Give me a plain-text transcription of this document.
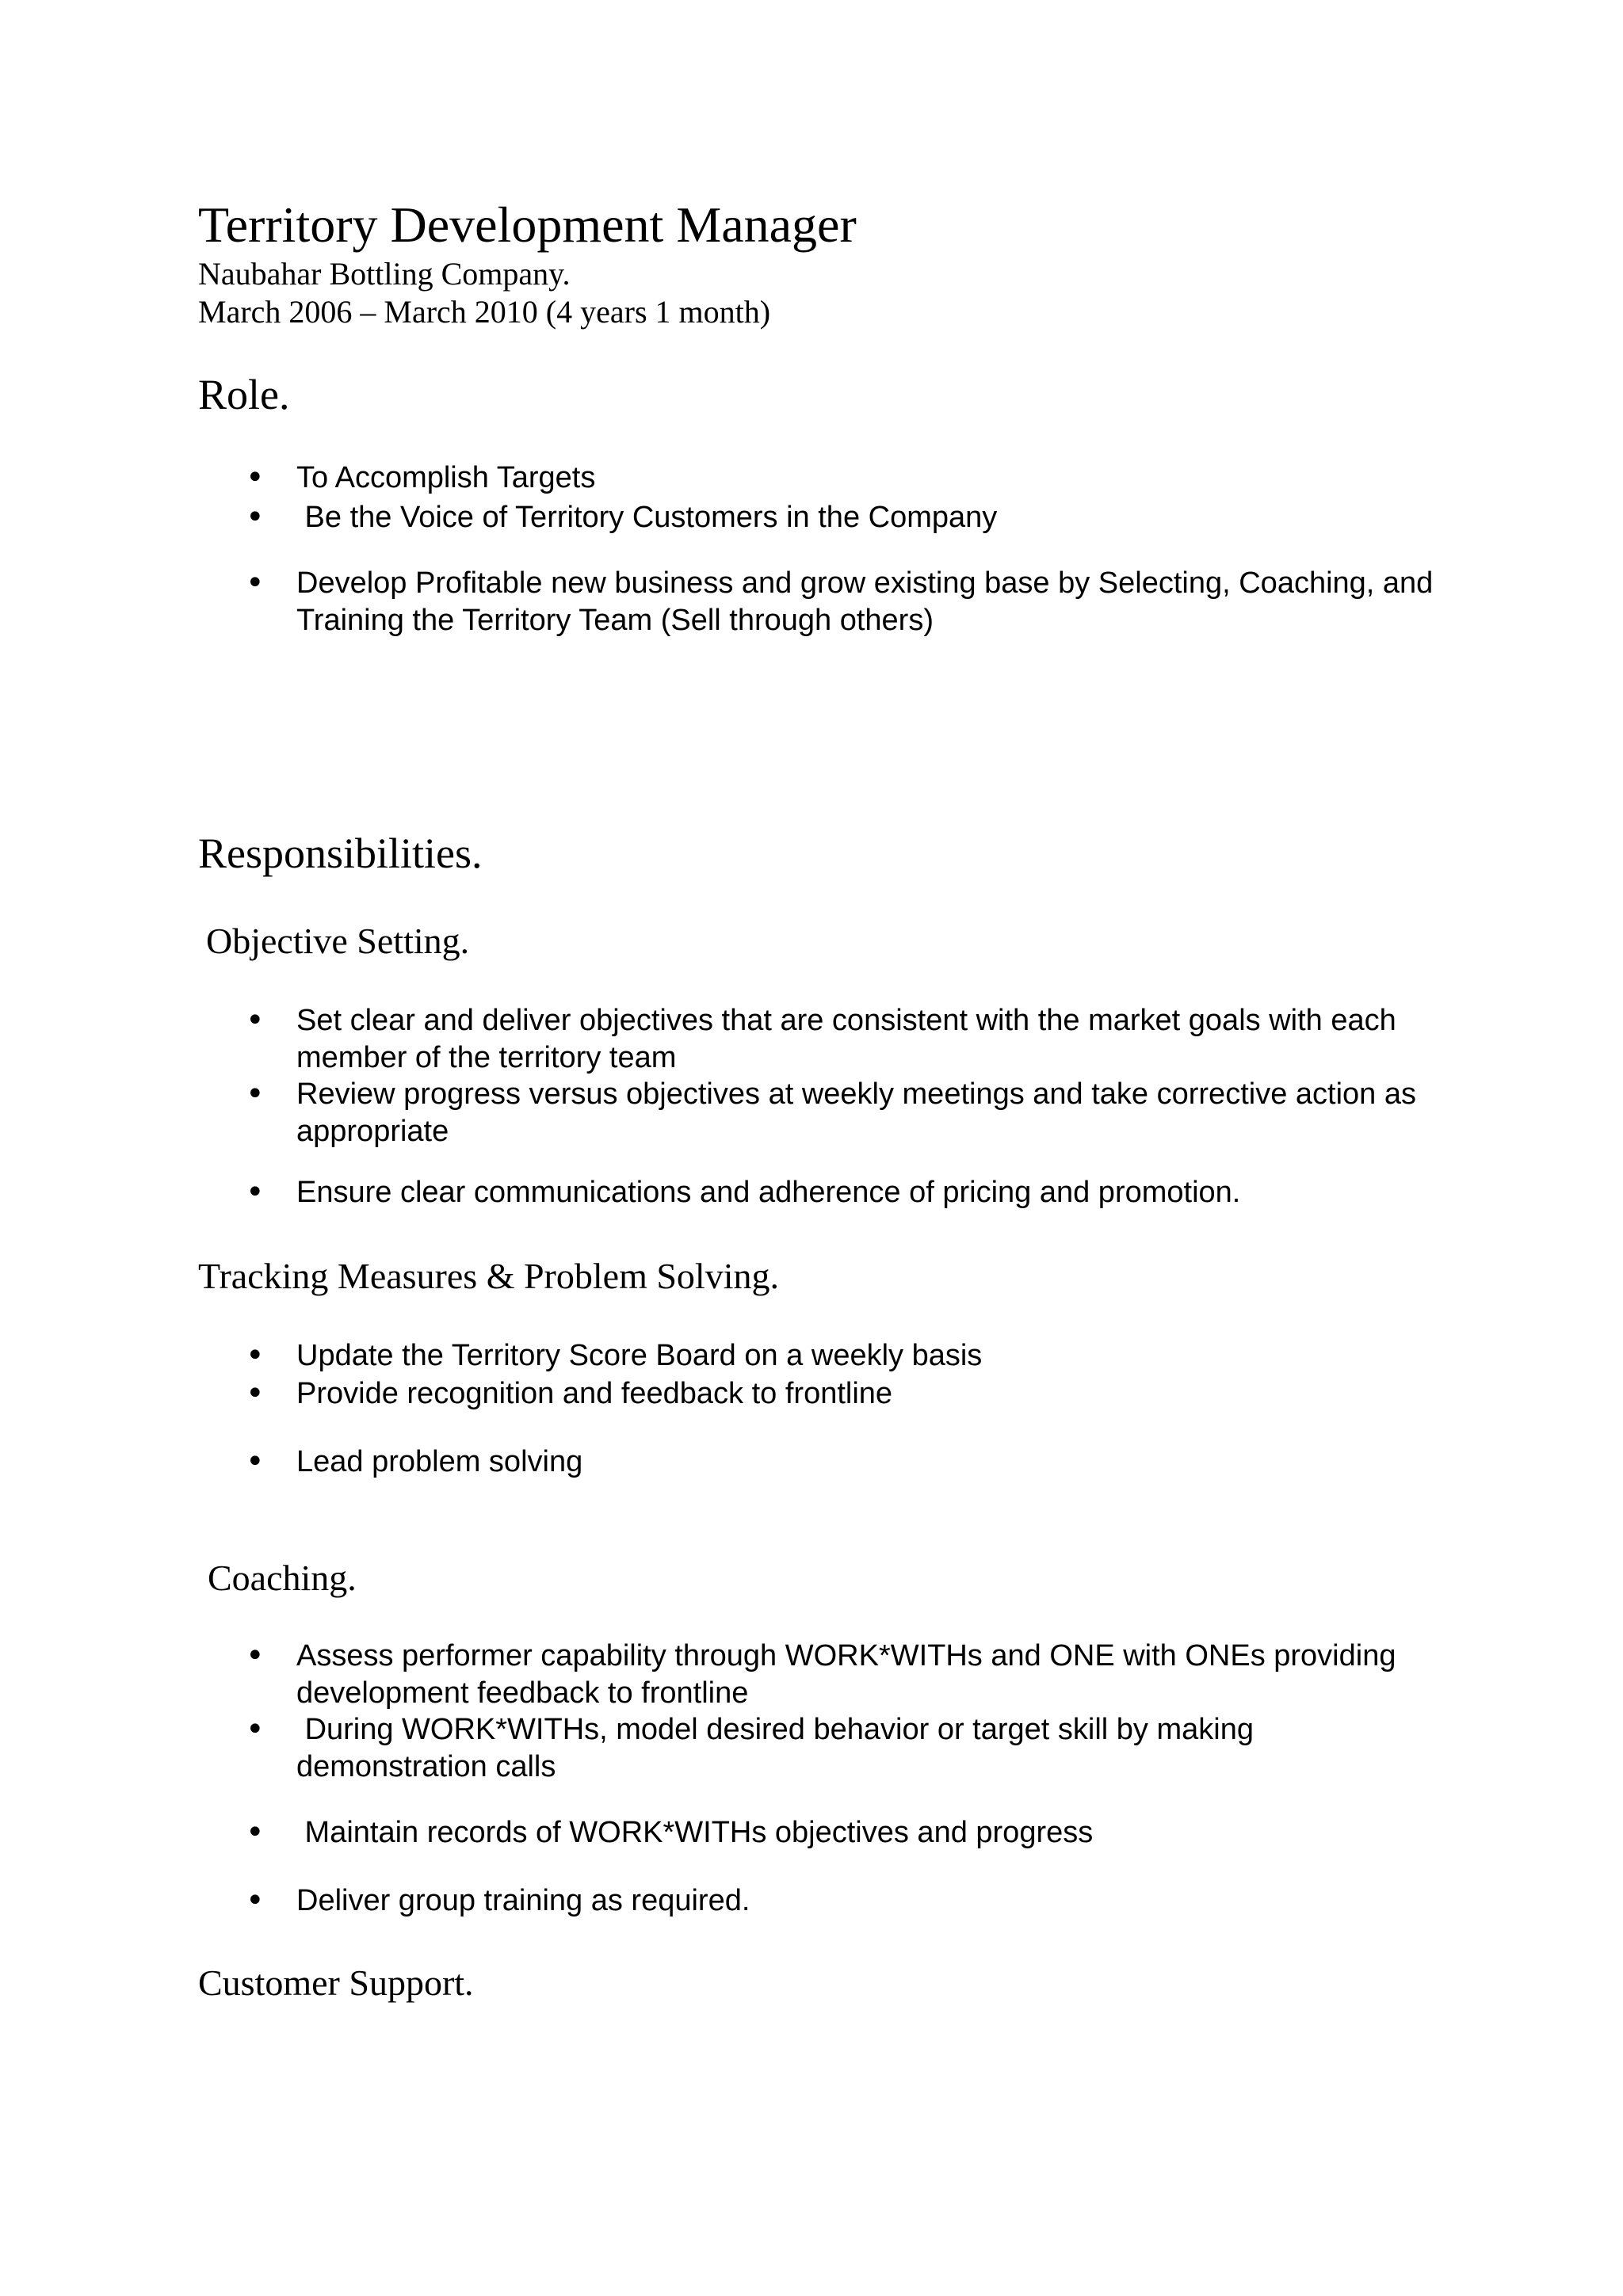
Territory Development Manager
Naubahar Bottling Company.
March 2006 – March 2010 (4 years 1 month)
Role.
•	To Accomplish Targets
•	Be the Voice of Territory Customers in the Company
•	Develop Profitable new business and grow existing base by Selecting, Coaching, and Training the Territory Team (Sell through others)
Responsibilities.
Objective Setting.
•	Set clear and deliver objectives that are consistent with the market goals with each member of the territory team
•	Review progress versus objectives at weekly meetings and take corrective action as appropriate
•	Ensure clear communications and adherence of pricing and promotion.
Tracking Measures & Problem Solving.
•	Update the Territory Score Board on a weekly basis
•	Provide recognition and feedback to frontline
•	Lead problem solving
Coaching.
•	Assess performer capability through WORK*WITHs and ONE with ONEs providing development feedback to frontline
•	During WORK*WITHs, model desired behavior or target skill by making demonstration calls
•	Maintain records of WORK*WITHs objectives and progress
•	Deliver group training as required.
Customer Support.
